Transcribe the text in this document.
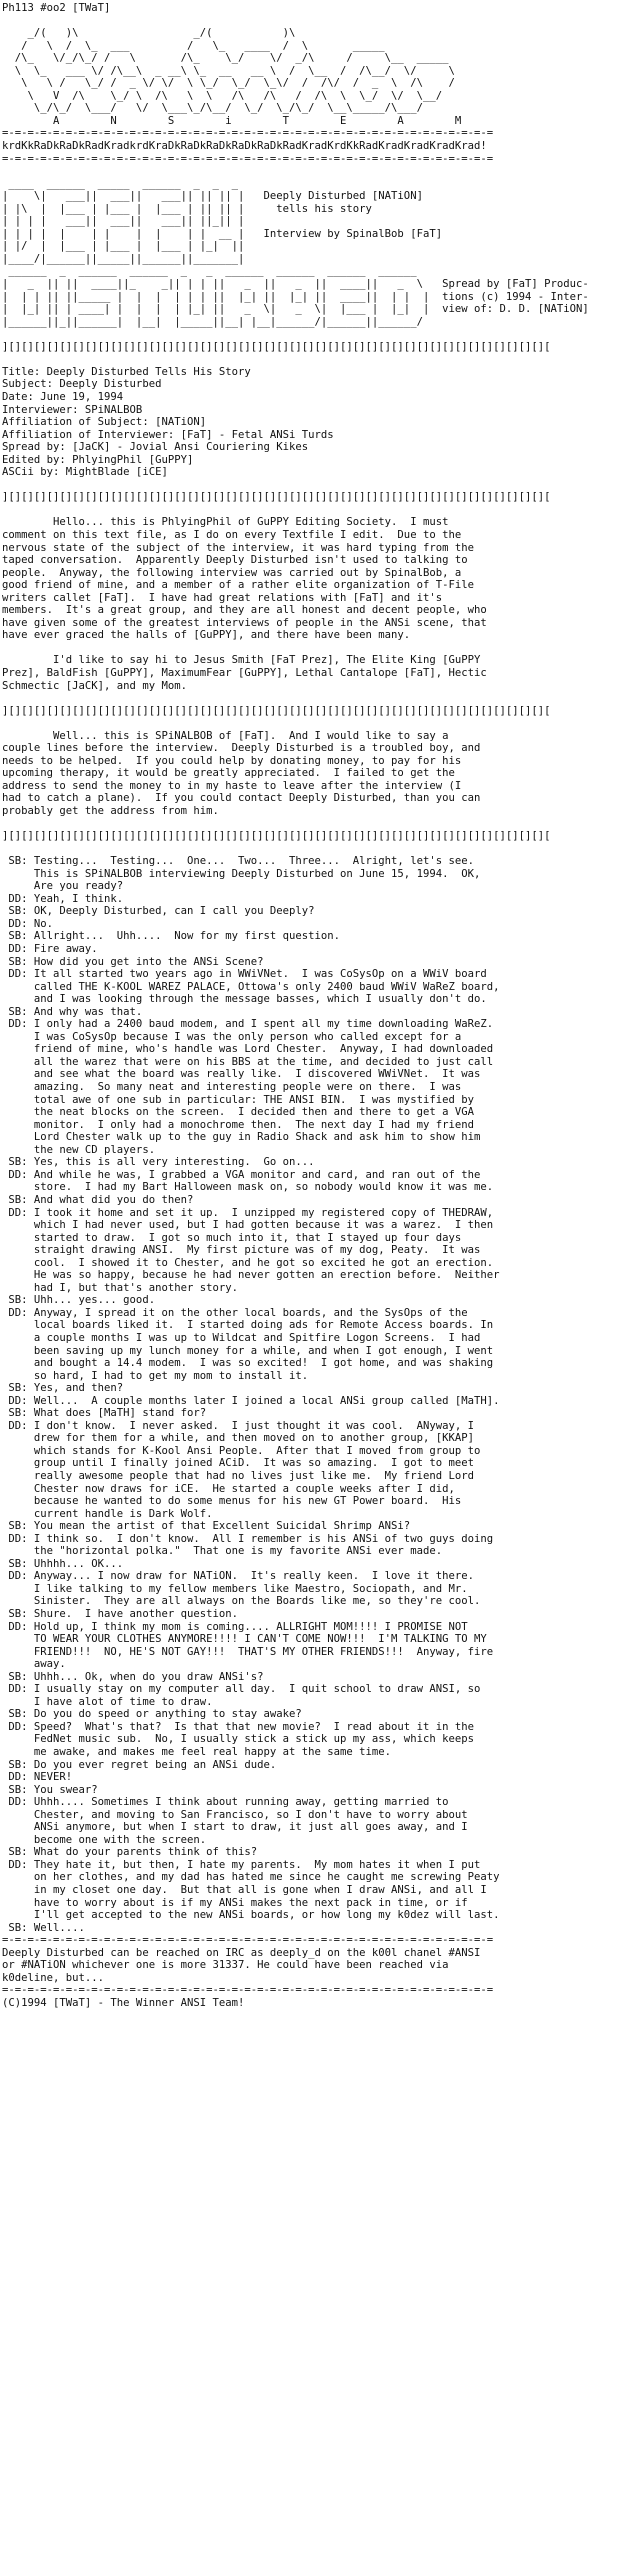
Ph113 #oo2 [TWaT]
_/(   )\                  _/(           )\
/   \  /  \_  ___         /   \_   ____  /  \       _____
/\_   \/_/\_/ /   \       /\_    \_/    \/  _/\     /     \__  _____
\  \_   ___ \/ /\__\  _ __\ \_  __   __ \  /  \__  /  /\__/  \/     \
\   \ /   \_/ /  _ \/ \/  \ \_/  \_/  \_\/  /  /\/  /  _  \  /\    /
\   V  /\    \_/ \  /\   \  \   /\   /\   /  /\  \  \_/  \/  \__/
\_/\_/  \___/   \/  \___\_/\__/  \_/  \_/\_/  \__\_____/\___/
A        N        S        i        T        E        A        M
=-=-=-=-=-=-=-=-=-=-=-=-=-=-=-=-=-=-=-=-=-=-=-=-=-=-=-=-=-=-=-=-=-=-=-=-=-=-=
krdKkRaDkRaDkRadKradkrdKraDkRaDkRaDkRaDkRaDkRadKradKrdKkRadKradKradKradKrad!
=-=-=-=-=-=-=-=-=-=-=-=-=-=-=-=-=-=-=-=-=-=-=-=-=-=-=-=-=-=-=-=-=-=-=-=-=-=-=
____  ______  _____  ______  _  _  _
|    \|   ___||  ___||   ___|| || || |   Deeply Disturbed [NATiON]
| |\  |  |___ | |___ |  |___ | || || |     tells his story
| | | |   ___||  ___||   ___|| ||_|| |
| | | |  |    | |    |  |    | |  __ |   Interview by SpinalBob [FaT]
| |/  |  |___ | |___ |  |___ | |_|  ||
|____/|______||_____||______||_______|
______  _  ______  ______  _   _  ______  ______  ______  ______
|   _  || ||  ____||_    _|| | | ||   _  ||   _  ||  ____||   _  \   Spread by [FaT] Produc-
|  | | || ||_____ |  |  |  | | | ||  |_| ||  |_| ||  ____||  | |  |  tions (c) 1994 - Inter-
|  |_| || | ____| |  |  |  | |_| ||   _  \|   _  \|  |___ |  |_|  |  view of: D. D. [NATiON]
|______||_||______|  |__|  |_____||__| |__|______/|______||______/
][][][][][][][][][][][][][][][][][][][][][][][][][][][][][][][][][][][][][][][][][][][
Title: Deeply Disturbed Tells His Story
Subject: Deeply Disturbed
Date: June 19, 1994
Interviewer: SPiNALBOB
Affiliation of Subject: [NATiON]
Affiliation of Interviewer: [FaT] - Fetal ANSi Turds
Spread by: [JaCK] - Jovial Ansi Couriering Kikes
Edited by: PhlyingPhil [GuPPY]
ASCii by: MightBlade [iCE]
][][][][][][][][][][][][][][][][][][][][][][][][][][][][][][][][][][][][][][][][][][][
Hello... this is PhlyingPhil of GuPPY Editing Society.  I must
comment on this text file, as I do on every Textfile I edit.  Due to the
nervous state of the subject of the interview, it was hard typing from the
taped conversation.  Apparently Deeply Disturbed isn't used to talking to
people.  Anyway, the following interview was carried out by SpinalBob, a
good friend of mine, and a member of a rather elite organization of T-File
writers callet [FaT].  I have had great relations with [FaT] and it's
members.  It's a great group, and they are all honest and decent people, who
have given some of the greatest interviews of people in the ANSi scene, that
have ever graced the halls of [GuPPY], and there have been many.
I'd like to say hi to Jesus Smith [FaT Prez], The Elite King [GuPPY
Prez], BaldFish [GuPPY], MaximumFear [GuPPY], Lethal Cantalope [FaT], Hectic
Schmectic [JaCK], and my Mom.
][][][][][][][][][][][][][][][][][][][][][][][][][][][][][][][][][][][][][][][][][][][
Well... this is SPiNALBOB of [FaT].  And I would like to say a
couple lines before the interview.  Deeply Disturbed is a troubled boy, and
needs to be helped.  If you could help by donating money, to pay for his
upcoming therapy, it would be greatly appreciated.  I failed to get the
address to send the money to in my haste to leave after the interview (I
had to catch a plane).  If you could contact Deeply Disturbed, than you can
probably get the address from him.
][][][][][][][][][][][][][][][][][][][][][][][][][][][][][][][][][][][][][][][][][][][
SB: Testing...  Testing...  One...  Two...  Three...  Alright, let's see.
This is SPiNALBOB interviewing Deeply Disturbed on June 15, 1994.  OK,
Are you ready?
DD: Yeah, I think.
SB: OK, Deeply Disturbed, can I call you Deeply?
DD: No.
SB: Allright...  Uhh....  Now for my first question.
DD: Fire away.
SB: How did you get into the ANSi Scene?
DD: It all started two years ago in WWiVNet.  I was CoSysOp on a WWiV board
called THE K-KOOL WAREZ PALACE, Ottowa's only 2400 baud WWiV WaReZ board,
and I was looking through the message basses, which I usually don't do.
SB: And why was that.
DD: I only had a 2400 baud modem, and I spent all my time downloading WaReZ.
I was CoSysOp because I was the only person who called except for a
friend of mine, who's handle was Lord Chester.  Anyway, I had downloaded
all the warez that were on his BBS at the time, and decided to just call
and see what the board was really like.  I discovered WWiVNet.  It was
amazing.  So many neat and interesting people were on there.  I was
total awe of one sub in particular: THE ANSI BIN.  I was mystified by
the neat blocks on the screen.  I decided then and there to get a VGA
monitor.  I only had a monochrome then.  The next day I had my friend
Lord Chester walk up to the guy in Radio Shack and ask him to show him
the new CD players.
SB: Yes, this is all very interesting.  Go on...
DD: And while he was, I grabbed a VGA monitor and card, and ran out of the
store.  I had my Bart Halloween mask on, so nobody would know it was me.
SB: And what did you do then?
DD: I took it home and set it up.  I unzipped my registered copy of THEDRAW,
which I had never used, but I had gotten because it was a warez.  I then
started to draw.  I got so much into it, that I stayed up four days
straight drawing ANSI.  My first picture was of my dog, Peaty.  It was
cool.  I showed it to Chester, and he got so excited he got an erection.
He was so happy, because he had never gotten an erection before.  Neither
had I, but that's another story.
SB: Uhh... yes... good.
DD: Anyway, I spread it on the other local boards, and the SysOps of the
local boards liked it.  I started doing ads for Remote Access boards. In
a couple months I was up to Wildcat and Spitfire Logon Screens.  I had
been saving up my lunch money for a while, and when I got enough, I went
and bought a 14.4 modem.  I was so excited!  I got home, and was shaking
so hard, I had to get my mom to install it.
SB: Yes, and then?
DD: Well...  A couple months later I joined a local ANSi group called [MaTH].
SB: What does [MaTH] stand for?
DD: I don't know.  I never asked.  I just thought it was cool.  ANyway, I
drew for them for a while, and then moved on to another group, [KKAP]
which stands for K-Kool Ansi People.  After that I moved from group to
group until I finally joined ACiD.  It was so amazing.  I got to meet
really awesome people that had no lives just like me.  My friend Lord
Chester now draws for iCE.  He started a couple weeks after I did,
because he wanted to do some menus for his new GT Power board.  His
current handle is Dark Wolf.
SB: You mean the artist of that Excellent Suicidal Shrimp ANSi?
DD: I think so.  I don't know.  All I remember is his ANSi of two guys doing
the "horizontal polka."  That one is my favorite ANSi ever made.
SB: Uhhhh... OK...
DD: Anyway... I now draw for NATiON.  It's really keen.  I love it there.
I like talking to my fellow members like Maestro, Sociopath, and Mr.
Sinister.  They are all always on the Boards like me, so they're cool.
SB: Shure.  I have another question.
DD: Hold up, I think my mom is coming.... ALLRIGHT MOM!!!! I PROMISE NOT
TO WEAR YOUR CLOTHES ANYMORE!!!! I CAN'T COME NOW!!!  I'M TALKING TO MY
FRIEND!!!  NO, HE'S NOT GAY!!!  THAT'S MY OTHER FRIENDS!!!  Anyway, fire
away.
SB: Uhhh... Ok, when do you draw ANSi's?
DD: I usually stay on my computer all day.  I quit school to draw ANSI, so
I have alot of time to draw.
SB: Do you do speed or anything to stay awake?
DD: Speed?  What's that?  Is that that new movie?  I read about it in the
FedNet music sub.  No, I usually stick a stick up my ass, which keeps
me awake, and makes me feel real happy at the same time.
SB: Do you ever regret being an ANSi dude.
DD: NEVER!
SB: You swear?
DD: Uhhh.... Sometimes I think about running away, getting married to
Chester, and moving to San Francisco, so I don't have to worry about
ANSi anymore, but when I start to draw, it just all goes away, and I
become one with the screen.
SB: What do your parents think of this?
DD: They hate it, but then, I hate my parents.  My mom hates it when I put
on her clothes, and my dad has hated me since he caught me screwing Peaty
in my closet one day.  But that all is gone when I draw ANSi, and all I
have to worry about is if my ANSi makes the next pack in time, or if
I'll get accepted to the new ANSi boards, or how long my k0dez will last.
SB: Well....
=-=-=-=-=-=-=-=-=-=-=-=-=-=-=-=-=-=-=-=-=-=-=-=-=-=-=-=-=-=-=-=-=-=-=-=-=-=-=
Deeply Disturbed can be reached on IRC as deeply_d on the k00l chanel #ANSI
or #NATiON whichever one is more 31337. He could have been reached via
k0deline, but...
=-=-=-=-=-=-=-=-=-=-=-=-=-=-=-=-=-=-=-=-=-=-=-=-=-=-=-=-=-=-=-=-=-=-=-=-=-=-=
(C)1994 [TWaT] - The Winner ANSI Team!
